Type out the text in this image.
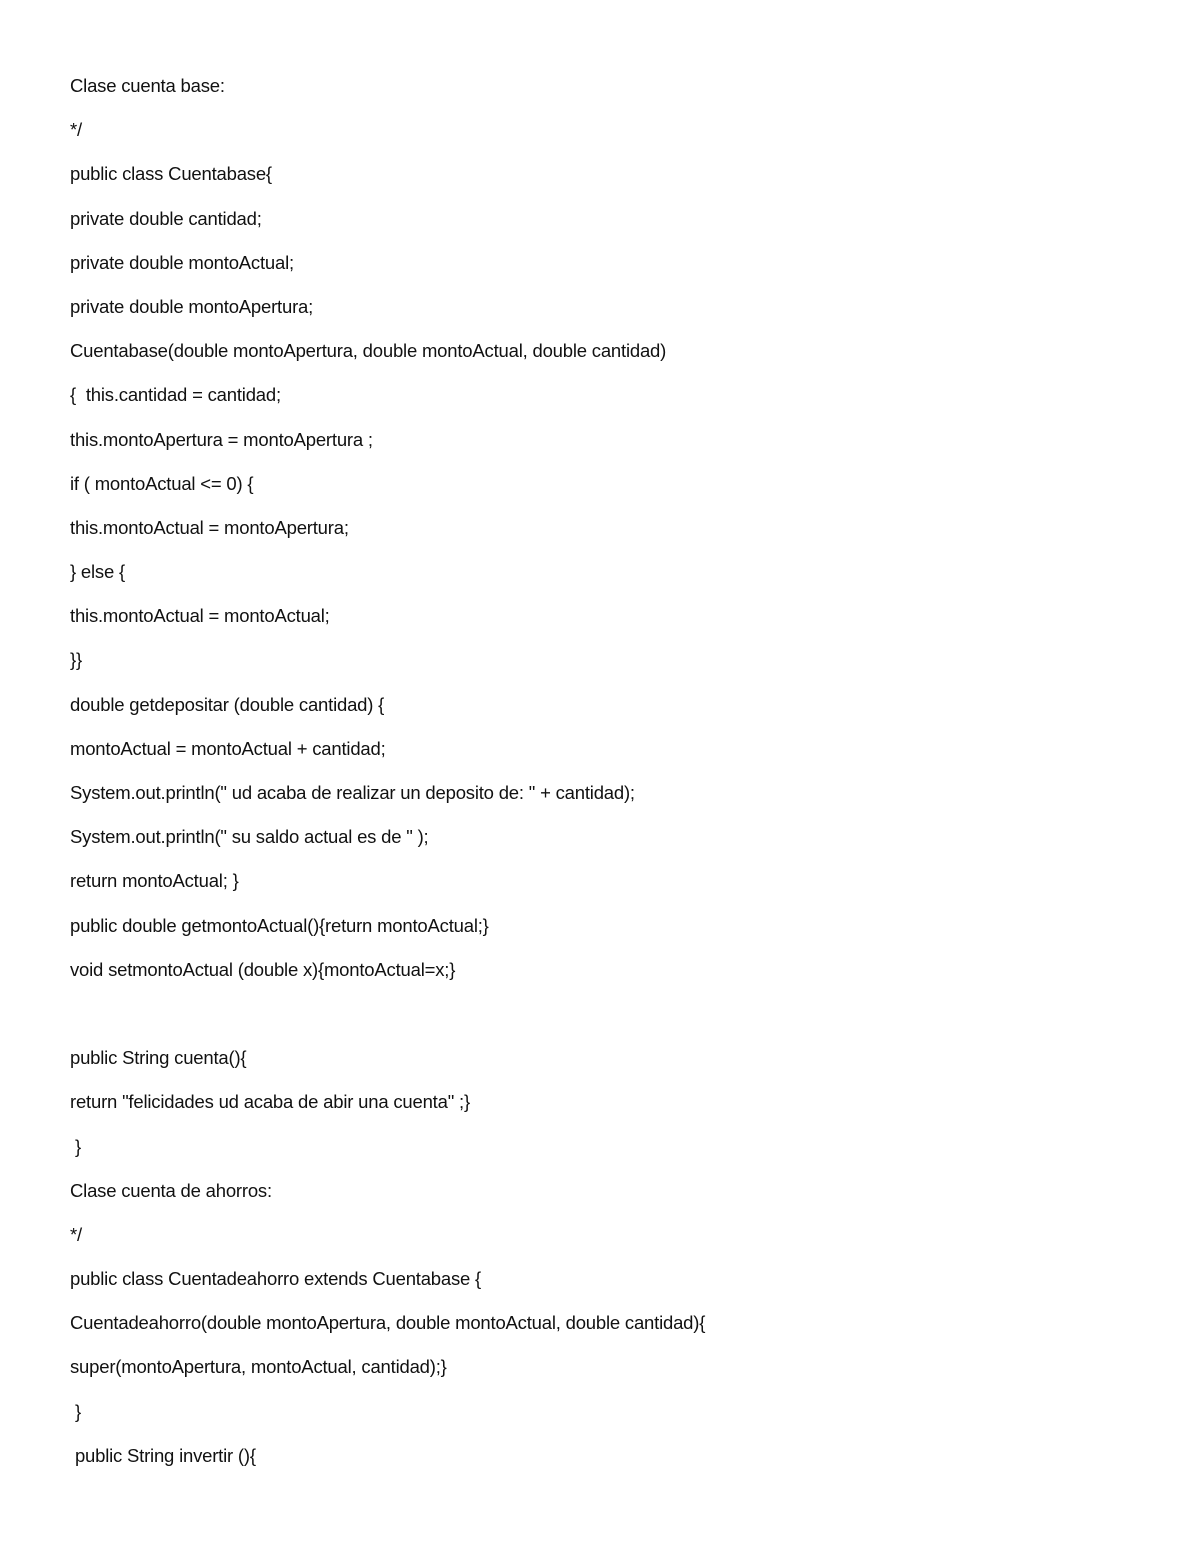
Clase cuenta base:
*/
public class Cuentabase{
private double cantidad;
private double montoActual;
private double montoApertura;
Cuentabase(double montoApertura, double montoActual, double cantidad)
{  this.cantidad = cantidad;
this.montoApertura = montoApertura ;
if ( montoActual <= 0) {
this.montoActual = montoApertura;
} else {
this.montoActual = montoActual;
}}
double getdepositar (double cantidad) {
montoActual = montoActual + cantidad;
System.out.println(" ud acaba de realizar un deposito de: " + cantidad);
System.out.println(" su saldo actual es de " );
return montoActual; }
public double getmontoActual(){return montoActual;}
void setmontoActual (double x){montoActual=x;}
public String cuenta(){
return "felicidades ud acaba de abir una cuenta" ;}
}
Clase cuenta de ahorros:
*/
public class Cuentadeahorro extends Cuentabase {
Cuentadeahorro(double montoApertura, double montoActual, double cantidad){
super(montoApertura, montoActual, cantidad);}
}
public String invertir (){
